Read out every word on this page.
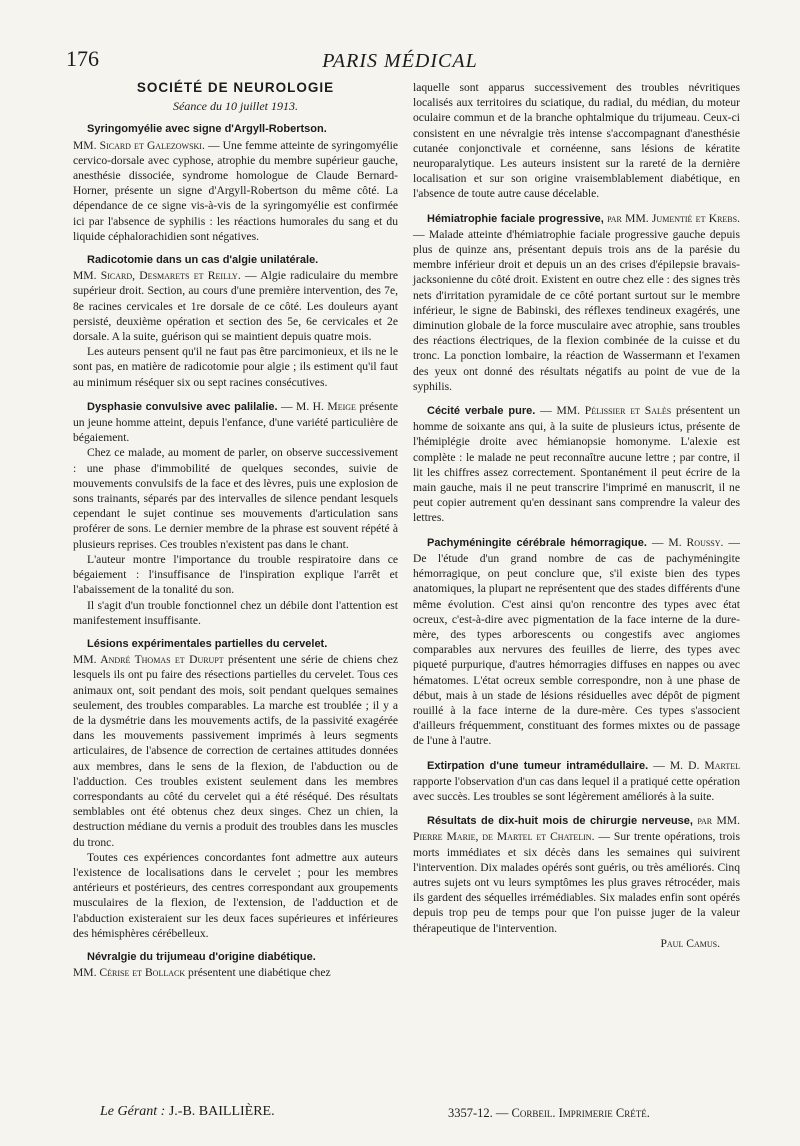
176	PARIS MÉDICAL
SOCIÉTÉ DE NEUROLOGIE
Séance du 10 juillet 1913.

Syringomyélie avec signe d'Argyll-Robertson.

MM. Sicard et Galezowski. — Une femme atteinte de syringomyélie cervico-dorsale avec cyphose, atrophie du membre supérieur gauche, anesthésie dissociée, syndrome homologue de Claude Bernard-Horner, présente un signe d'Argyll-Robertson du même côté. La dépendance de ce signe vis-à-vis de la syringomyélie est confirmée ici par l'absence de syphilis : les réactions humorales du sang et du liquide céphalorachidien sont négatives.

Radicotomie dans un cas d'algie unilatérale.

MM. Sicard, Desmarets et Reilly. — Algie radiculaire du membre supérieur droit. Section, au cours d'une première intervention, des 7e, 8e racines cervicales et 1re dorsale de ce côté. Les douleurs ayant persisté, deuxième opération et section des 5e, 6e cervicales et 2e dorsale. A la suite, guérison qui se maintient depuis quatre mois.

Les auteurs pensent qu'il ne faut pas être parcimonieux, et ils ne le sont pas, en matière de radicotomie pour algie ; ils estiment qu'il faut au minimum réséquer six ou sept racines consécutives.

Dysphasie convulsive avec palilalie. — M. H. Meige présente un jeune homme atteint, depuis l'enfance, d'une variété particulière de bégaiement.

Chez ce malade, au moment de parler, on observe successivement : une phase d'immobilité de quelques secondes, suivie de mouvements convulsifs de la face et des lèvres, puis une explosion de sons trainants, séparés par des intervalles de silence pendant lesquels cependant le sujet continue ses mouvements d'articulation sans proférer de sons. Le dernier membre de la phrase est souvent répété à plusieurs reprises. Ces troubles n'existent pas dans le chant.

L'auteur montre l'importance du trouble respiratoire dans ce bégaiement : l'insuffisance de l'inspiration explique l'arrêt et l'abaissement de la tonalité du son.

Il s'agit d'un trouble fonctionnel chez un débile dont l'attention est manifestement insuffisante.

Lésions expérimentales partielles du cervelet.

MM. André Thomas et Durupt présentent une série de chiens chez lesquels ils ont pu faire des résections partielles du cervelet. Tous ces animaux ont, soit pendant des mois, soit pendant quelques semaines seulement, des troubles comparables. La marche est troublée ; il y a de la dysmétrie dans les mouvements actifs, de la passivité exagérée dans les mouvements passivement imprimés à leurs segments articulaires, de l'absence de correction de certaines attitudes données aux membres, dans le sens de la flexion, de l'abduction ou de l'adduction. Ces troubles existent seulement dans les membres correspondants au côté du cervelet qui a été réséqué. Des résultats semblables ont été obtenus chez deux singes. Chez un chien, la destruction médiane du vernis a produit des troubles dans les muscles du tronc.

Toutes ces expériences concordantes font admettre aux auteurs l'existence de localisations dans le cervelet ; pour les membres antérieurs et postérieurs, des centres correspondant aux groupements musculaires de la flexion, de l'extension, de l'adduction et de l'abduction existeraient sur les deux faces supérieures et inférieures des hémisphères cérébelleux.

Névralgie du trijumeau d'origine diabétique.

MM. Cérise et Bollack présentent une diabétique chez

laquelle sont apparus successivement des troubles névritiques localisés aux territoires du sciatique, du radial, du médian, du moteur oculaire commun et de la branche ophtalmique du trijumeau. Ceux-ci consistent en une névralgie très intense s'accompagnant d'anesthésie cutanée conjonctivale et cornéenne, sans lésions de kératite neuroparalytique. Les auteurs insistent sur la rareté de la dernière localisation et sur son origine vraisemblablement diabétique, en l'absence de toute autre cause décelable.

Hémiatrophie faciale progressive, par MM. Jumentié et Krebs. — Malade atteinte d'hémiatrophie faciale progressive gauche depuis plus de quinze ans, présentant depuis trois ans de la parésie du membre inférieur droit et depuis un an des crises d'épilepsie bravais-jacksonienne du côté droit. Existent en outre chez elle : des signes très nets d'irritation pyramidale de ce côté portant surtout sur le membre inférieur, le signe de Babinski, des réflexes tendineux exagérés, une diminution globale de la force musculaire avec atrophie, sans troubles des réactions électriques, de la flexion combinée de la cuisse et du tronc. La ponction lombaire, la réaction de Wassermann et l'examen des yeux ont donné des résultats négatifs au point de vue de la syphilis.

Cécité verbale pure. — MM. Pélissier et Salès présentent un homme de soixante ans qui, à la suite de plusieurs ictus, présente de l'hémiplégie droite avec hémianopsie homonyme. L'alexie est complète : le malade ne peut reconnaître aucune lettre ; par contre, il lit les chiffres assez correctement. Spontanément il peut écrire de la main gauche, mais il ne peut transcrire l'imprimé en manuscrit, il ne peut copier autrement qu'en dessinant sans comprendre la valeur des lettres.

Pachyméningite cérébrale hémorragique. — M. Roussy. — De l'étude d'un grand nombre de cas de pachyméningite hémorragique, on peut conclure que, s'il existe bien des types anatomiques, la plupart ne représentent que des stades différents d'une même évolution. C'est ainsi qu'on rencontre des types avec état ocreux, c'est-à-dire avec pigmentation de la face interne de la dure-mère, des types arborescents ou congestifs avec angiomes comparables aux nervures des feuilles de lierre, des types avec piqueté purpurique, d'autres hémorragies diffuses en nappes ou avec hématomes. L'état ocreux semble correspondre, non à une phase de début, mais à un stade de lésions résiduelles avec dépôt de pigment rouillé à la face interne de la dure-mère. Ces types s'associent d'ailleurs fréquemment, constituant des formes mixtes ou de passage de l'une à l'autre.

Extirpation d'une tumeur intramédullaire. — M. D. Martel rapporte l'observation d'un cas dans lequel il a pratiqué cette opération avec succès. Les troubles se sont légèrement améliorés à la suite.

Résultats de dix-huit mois de chirurgie nerveuse, par MM. Pierre Marie, de Martel et Chatelin. — Sur trente opérations, trois morts immédiates et six décès dans les semaines qui suivirent l'intervention. Dix malades opérés sont guéris, ou très améliorés. Cinq autres sujets ont vu leurs symptômes les plus graves rétrocéder, mais ils gardent des séquelles irrémédiables. Six malades enfin sont opérés depuis trop peu de temps pour que l'on puisse juger de la valeur thérapeutique de l'intervention.

Paul Camus.

Le Gérant : J.-B. BAILLIÈRE.	3357-12. — Corbeil. Imprimerie Crété.
